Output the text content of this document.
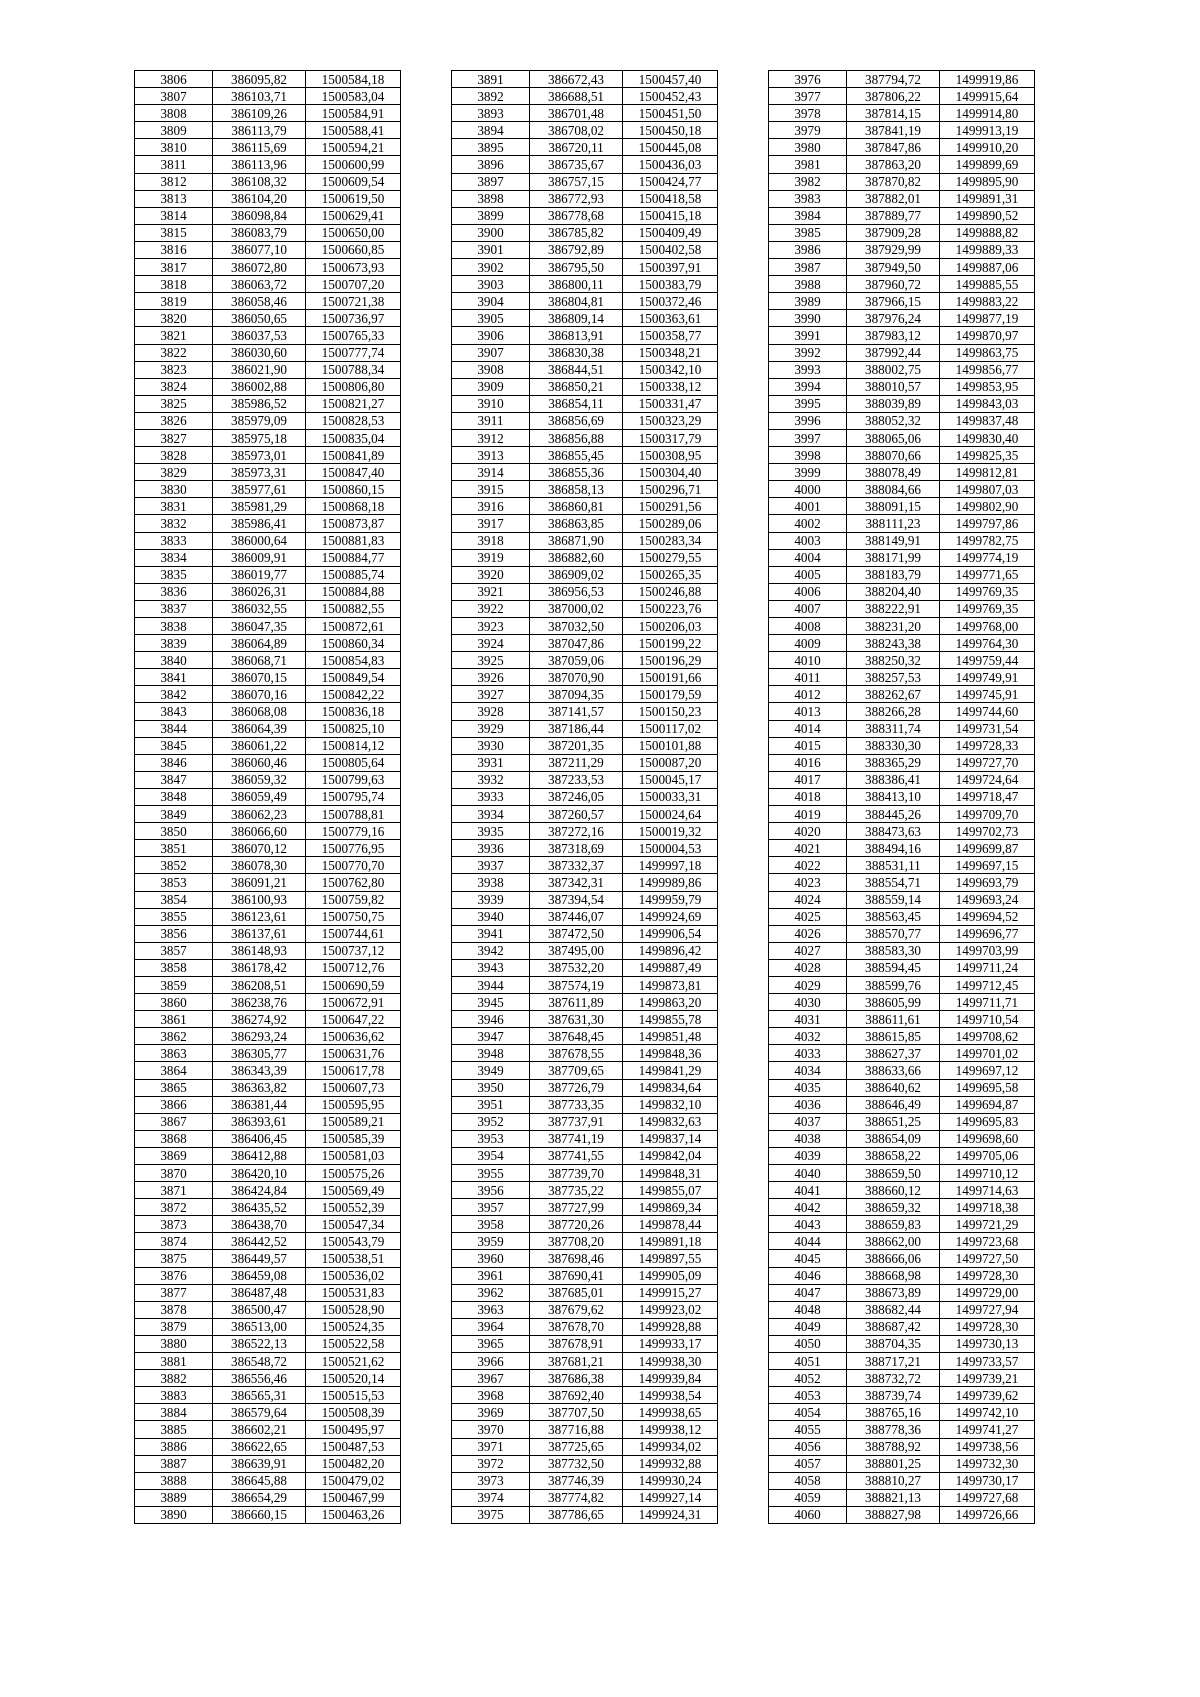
3806	386095,82	1500584,18
3807	386103,71	1500583,04
3808	386109,26	1500584,91
3809	386113,79	1500588,41
3810	386115,69	1500594,21
3811	386113,96	1500600,99
3812	386108,32	1500609,54
3813	386104,20	1500619,50
3814	386098,84	1500629,41
3815	386083,79	1500650,00
3816	386077,10	1500660,85
3817	386072,80	1500673,93
3818	386063,72	1500707,20
3819	386058,46	1500721,38
3820	386050,65	1500736,97
3821	386037,53	1500765,33
3822	386030,60	1500777,74
3823	386021,90	1500788,34
3824	386002,88	1500806,80
3825	385986,52	1500821,27
3826	385979,09	1500828,53
3827	385975,18	1500835,04
3828	385973,01	1500841,89
3829	385973,31	1500847,40
3830	385977,61	1500860,15
3831	385981,29	1500868,18
3832	385986,41	1500873,87
3833	386000,64	1500881,83
3834	386009,91	1500884,77
3835	386019,77	1500885,74
3836	386026,31	1500884,88
3837	386032,55	1500882,55
3838	386047,35	1500872,61
3839	386064,89	1500860,34
3840	386068,71	1500854,83
3841	386070,15	1500849,54
3842	386070,16	1500842,22
3843	386068,08	1500836,18
3844	386064,39	1500825,10
3845	386061,22	1500814,12
3846	386060,46	1500805,64
3847	386059,32	1500799,63
3848	386059,49	1500795,74
3849	386062,23	1500788,81
3850	386066,60	1500779,16
3851	386070,12	1500776,95
3852	386078,30	1500770,70
3853	386091,21	1500762,80
3854	386100,93	1500759,82
3855	386123,61	1500750,75
3856	386137,61	1500744,61
3857	386148,93	1500737,12
3858	386178,42	1500712,76
3859	386208,51	1500690,59
3860	386238,76	1500672,91
3861	386274,92	1500647,22
3862	386293,24	1500636,62
3863	386305,77	1500631,76
3864	386343,39	1500617,78
3865	386363,82	1500607,73
3866	386381,44	1500595,95
3867	386393,61	1500589,21
3868	386406,45	1500585,39
3869	386412,88	1500581,03
3870	386420,10	1500575,26
3871	386424,84	1500569,49
3872	386435,52	1500552,39
3873	386438,70	1500547,34
3874	386442,52	1500543,79
3875	386449,57	1500538,51
3876	386459,08	1500536,02
3877	386487,48	1500531,83
3878	386500,47	1500528,90
3879	386513,00	1500524,35
3880	386522,13	1500522,58
3881	386548,72	1500521,62
3882	386556,46	1500520,14
3883	386565,31	1500515,53
3884	386579,64	1500508,39
3885	386602,21	1500495,97
3886	386622,65	1500487,53
3887	386639,91	1500482,20
3888	386645,88	1500479,02
3889	386654,29	1500467,99
3890	386660,15	1500463,26
3891	386672,43	1500457,40
3892	386688,51	1500452,43
3893	386701,48	1500451,50
3894	386708,02	1500450,18
3895	386720,11	1500445,08
3896	386735,67	1500436,03
3897	386757,15	1500424,77
3898	386772,93	1500418,58
3899	386778,68	1500415,18
3900	386785,82	1500409,49
3901	386792,89	1500402,58
3902	386795,50	1500397,91
3903	386800,11	1500383,79
3904	386804,81	1500372,46
3905	386809,14	1500363,61
3906	386813,91	1500358,77
3907	386830,38	1500348,21
3908	386844,51	1500342,10
3909	386850,21	1500338,12
3910	386854,11	1500331,47
3911	386856,69	1500323,29
3912	386856,88	1500317,79
3913	386855,45	1500308,95
3914	386855,36	1500304,40
3915	386858,13	1500296,71
3916	386860,81	1500291,56
3917	386863,85	1500289,06
3918	386871,90	1500283,34
3919	386882,60	1500279,55
3920	386909,02	1500265,35
3921	386956,53	1500246,88
3922	387000,02	1500223,76
3923	387032,50	1500206,03
3924	387047,86	1500199,22
3925	387059,06	1500196,29
3926	387070,90	1500191,66
3927	387094,35	1500179,59
3928	387141,57	1500150,23
3929	387186,44	1500117,02
3930	387201,35	1500101,88
3931	387211,29	1500087,20
3932	387233,53	1500045,17
3933	387246,05	1500033,31
3934	387260,57	1500024,64
3935	387272,16	1500019,32
3936	387318,69	1500004,53
3937	387332,37	1499997,18
3938	387342,31	1499989,86
3939	387394,54	1499959,79
3940	387446,07	1499924,69
3941	387472,50	1499906,54
3942	387495,00	1499896,42
3943	387532,20	1499887,49
3944	387574,19	1499873,81
3945	387611,89	1499863,20
3946	387631,30	1499855,78
3947	387648,45	1499851,48
3948	387678,55	1499848,36
3949	387709,65	1499841,29
3950	387726,79	1499834,64
3951	387733,35	1499832,10
3952	387737,91	1499832,63
3953	387741,19	1499837,14
3954	387741,55	1499842,04
3955	387739,70	1499848,31
3956	387735,22	1499855,07
3957	387727,99	1499869,34
3958	387720,26	1499878,44
3959	387708,20	1499891,18
3960	387698,46	1499897,55
3961	387690,41	1499905,09
3962	387685,01	1499915,27
3963	387679,62	1499923,02
3964	387678,70	1499928,88
3965	387678,91	1499933,17
3966	387681,21	1499938,30
3967	387686,38	1499939,84
3968	387692,40	1499938,54
3969	387707,50	1499938,65
3970	387716,88	1499938,12
3971	387725,65	1499934,02
3972	387732,50	1499932,88
3973	387746,39	1499930,24
3974	387774,82	1499927,14
3975	387786,65	1499924,31
3976	387794,72	1499919,86
3977	387806,22	1499915,64
3978	387814,15	1499914,80
3979	387841,19	1499913,19
3980	387847,86	1499910,20
3981	387863,20	1499899,69
3982	387870,82	1499895,90
3983	387882,01	1499891,31
3984	387889,77	1499890,52
3985	387909,28	1499888,82
3986	387929,99	1499889,33
3987	387949,50	1499887,06
3988	387960,72	1499885,55
3989	387966,15	1499883,22
3990	387976,24	1499877,19
3991	387983,12	1499870,97
3992	387992,44	1499863,75
3993	388002,75	1499856,77
3994	388010,57	1499853,95
3995	388039,89	1499843,03
3996	388052,32	1499837,48
3997	388065,06	1499830,40
3998	388070,66	1499825,35
3999	388078,49	1499812,81
4000	388084,66	1499807,03
4001	388091,15	1499802,90
4002	388111,23	1499797,86
4003	388149,91	1499782,75
4004	388171,99	1499774,19
4005	388183,79	1499771,65
4006	388204,40	1499769,35
4007	388222,91	1499769,35
4008	388231,20	1499768,00
4009	388243,38	1499764,30
4010	388250,32	1499759,44
4011	388257,53	1499749,91
4012	388262,67	1499745,91
4013	388266,28	1499744,60
4014	388311,74	1499731,54
4015	388330,30	1499728,33
4016	388365,29	1499727,70
4017	388386,41	1499724,64
4018	388413,10	1499718,47
4019	388445,26	1499709,70
4020	388473,63	1499702,73
4021	388494,16	1499699,87
4022	388531,11	1499697,15
4023	388554,71	1499693,79
4024	388559,14	1499693,24
4025	388563,45	1499694,52
4026	388570,77	1499696,77
4027	388583,30	1499703,99
4028	388594,45	1499711,24
4029	388599,76	1499712,45
4030	388605,99	1499711,71
4031	388611,61	1499710,54
4032	388615,85	1499708,62
4033	388627,37	1499701,02
4034	388633,66	1499697,12
4035	388640,62	1499695,58
4036	388646,49	1499694,87
4037	388651,25	1499695,83
4038	388654,09	1499698,60
4039	388658,22	1499705,06
4040	388659,50	1499710,12
4041	388660,12	1499714,63
4042	388659,32	1499718,38
4043	388659,83	1499721,29
4044	388662,00	1499723,68
4045	388666,06	1499727,50
4046	388668,98	1499728,30
4047	388673,89	1499729,00
4048	388682,44	1499727,94
4049	388687,42	1499728,30
4050	388704,35	1499730,13
4051	388717,21	1499733,57
4052	388732,72	1499739,21
4053	388739,74	1499739,62
4054	388765,16	1499742,10
4055	388778,36	1499741,27
4056	388788,92	1499738,56
4057	388801,25	1499732,30
4058	388810,27	1499730,17
4059	388821,13	1499727,68
4060	388827,98	1499726,66
